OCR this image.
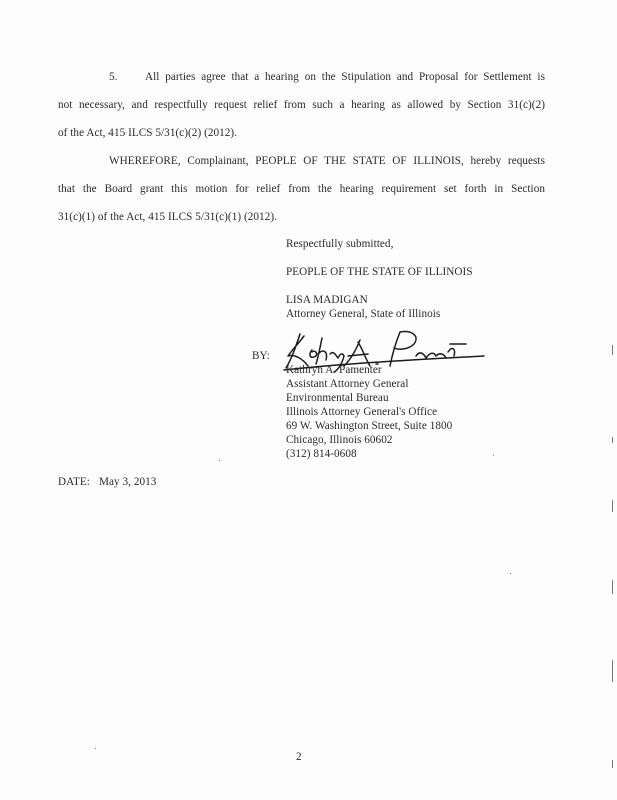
5. All parties agree that a hearing on the Stipulation and Proposal for Settlement is
not necessary, and respectfully request relief from such a hearing as allowed by Section 31(c)(2)
of the Act, 415 ILCS 5/31(c)(2) (2012).
WHEREFORE, Complainant, PEOPLE OF THE STATE OF ILLINOIS, hereby requests
that the Board grant this motion for relief from the hearing requirement set forth in Section
31(c)(1) of the Act, 415 ILCS 5/31(c)(1) (2012).
Respectfully submitted,
PEOPLE OF THE STATE OF ILLINOIS
LISA MADIGAN
Attorney General, State of Illinois
BY:
Kathryn A. Pamenter
Assistant Attorney General
Environmental Bureau
Illinois Attorney General's Office
69 W. Washington Street, Suite 1800
Chicago, Illinois 60602
(312) 814-0608
DATE: May 3, 2013
2
